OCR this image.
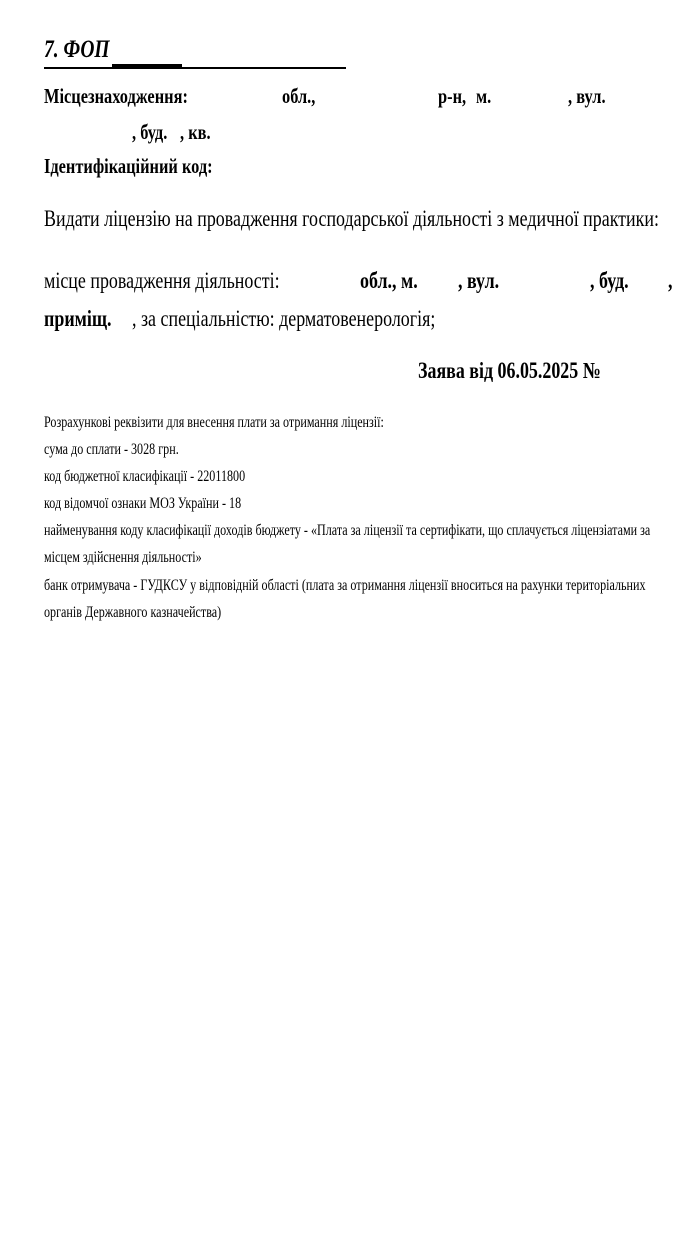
7. ФОП
Місцезнаходження:	обл.,	р-н, м.	, вул.
, буд. , кв.
Ідентифікаційний код:
Видати ліцензію на провадження господарської діяльності з медичної практики:
місце провадження діяльності:	обл., м.	, вул.	, буд.	,
приміщ. , за спеціальністю: дерматовенерологія;
Заява від 06.05.2025 №
Розрахункові реквізити для внесення плати за отримання ліцензії:
сума до сплати - 3028 грн.
код бюджетної класифікації - 22011800
код відомчої ознаки МОЗ України - 18
найменування коду класифікації доходів бюджету - «Плата за ліцензії та сертифікати, що сплачується ліцензіатами за
місцем здійснення діяльності»
банк отримувача - ГУДКСУ у відповідній області (плата за отримання ліцензії вноситься на рахунки територіальних
органів Державного казначейства)
